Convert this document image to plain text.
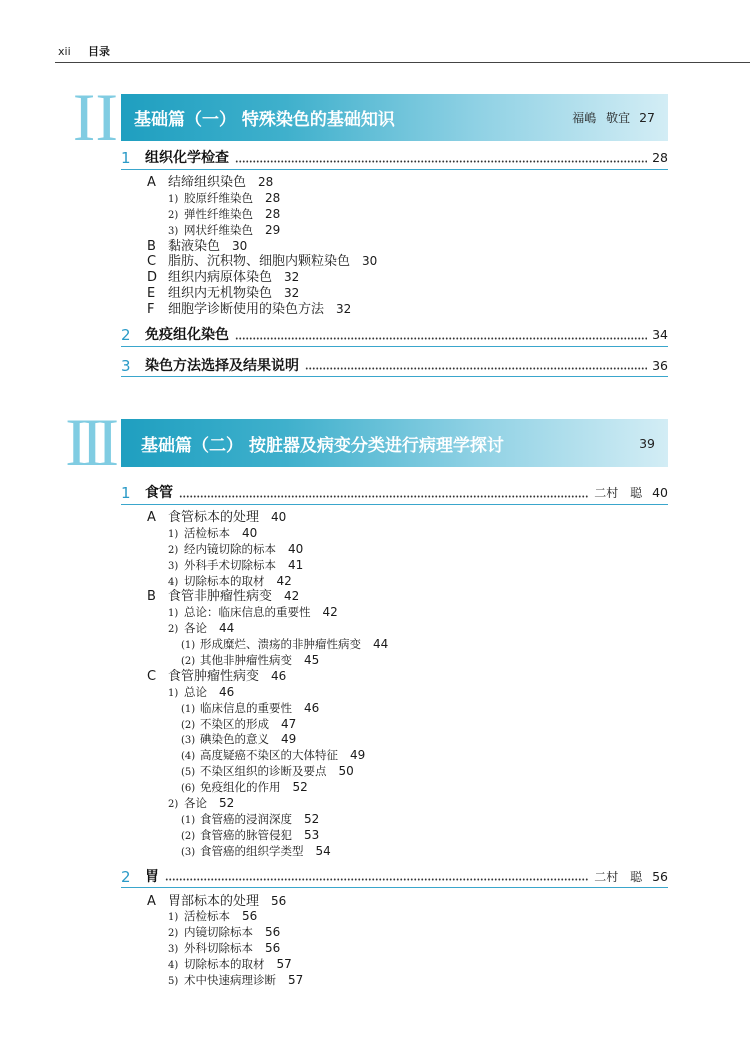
xii 目录
II 基础篇（一） 特殊染色的基础知识	福嶋 敬宜 27
1	组织化学检查	28
A 结缔组织染色 28
1) 胶原纤维染色 28
2) 弹性纤维染色 28
3) 网状纤维染色 29
B 黏液染色 30
C 脂肪、沉积物、细胞内颗粒染色 30
D 组织内病原体染色 32
E 组织内无机物染色 32
F 细胞学诊断使用的染色方法 32
2	免疫组化染色	34
3	染色方法选择及结果说明	36
III 基础篇（二） 按脏器及病变分类进行病理学探讨	39
1	食管	二村 聪 40
A 食管标本的处理 40
1) 活检标本 40
2) 经内镜切除的标本 40
3) 外科手术切除标本 41
4) 切除标本的取材 42
B 食管非肿瘤性病变 42
1) 总论：临床信息的重要性 42
2) 各论 44
(1) 形成糜烂、溃疡的非肿瘤性病变 44
(2) 其他非肿瘤性病变 45
C 食管肿瘤性病变 46
1) 总论 46
(1) 临床信息的重要性 46
(2) 不染区的形成 47
(3) 碘染色的意义 49
(4) 高度疑癌不染区的大体特征 49
(5) 不染区组织的诊断及要点 50
(6) 免疫组化的作用 52
2) 各论 52
(1) 食管癌的浸润深度 52
(2) 食管癌的脉管侵犯 53
(3) 食管癌的组织学类型 54
2	胃	二村 聪 56
A 胃部标本的处理 56
1) 活检标本 56
2) 内镜切除标本 56
3) 外科切除标本 56
4) 切除标本的取材 57
5) 术中快速病理诊断 57
